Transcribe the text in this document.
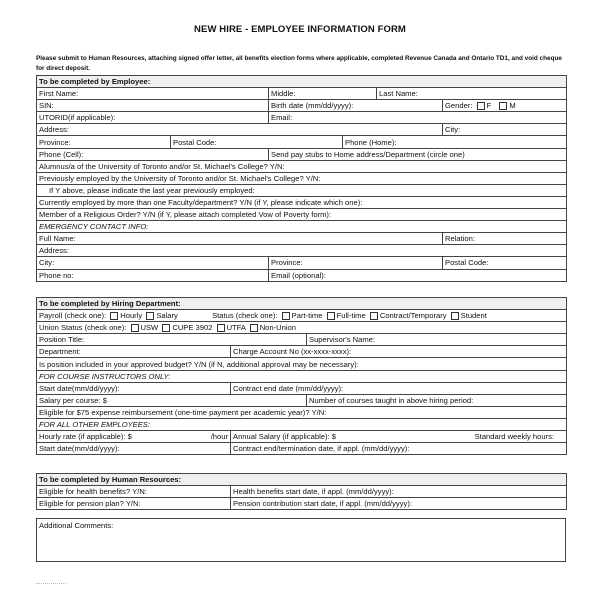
NEW HIRE - EMPLOYEE INFORMATION FORM
Please submit to Human Resources, attaching signed offer letter, all benefits election forms where applicable, completed Revenue Canada and Ontario TD1, and void cheque for direct deposit.
To be completed by Employee:					
First Name:		Middle:		Last Name:	
SIN:		Birth date (mm/dd/yyyy):			Gender: F M
UTORID(if applicable):		Email:			
Address:					City:
Province:	Postal Code:		Phone (Home):		
Phone (Cell):		Send pay stubs to Home address/Department (circle one)			
Alumnus/a of the University of Toronto and/or St. Michael's College? Y/N:					
Previously employed by the University of Toronto and/or St. Michael's College? Y/N:					
If Y above, please indicate the last year previously employed:					
Currently employed by more than one Faculty/department? Y/N (if Y, please indicate which one):					
Member of a Religious Order? Y/N (if Y, please attach completed Vow of Poverty form):					
EMERGENCY CONTACT INFO:					
Full Name:					Relation:
Address:					
City:		Province:			Postal Code:
Phone no:		Email (optional):			
To be completed by Hiring Department:		
Payroll (check one): Hourly Salary Status (check one): Part-time Full-time Contract/Temporary Student		
Union Status (check one): USW CUPE 3902 UTFA Non-Union		
Position Title:		Supervisor's Name:
Department:	Charge Account No (xx-xxxx-xxxx):	
Is position included in your approved budget? Y/N (if N, additional approval may be necessary):		
FOR COURSE INSTRUCTORS ONLY:		
Start date(mm/dd/yyyy):	Contract end date (mm/dd/yyyy):	
Salary per course: $		Number of courses taught in above hiring period:
Eligible for $75 expense reimbursement (one-time payment per academic year)? Y/N:		
FOR ALL OTHER EMPLOYEES:		
Hourly rate (if applicable): $ /hour	Annual Salary (if applicable): $ Standard weekly hours:	

Start date(mm/dd/yyyy):	Contract end/termination date, if appl. (mm/dd/yyyy):	
To be completed by Human Resources:	
Eligible for health benefits? Y/N:	Health benefits start date, if appl. (mm/dd/yyyy):
Eligible for pension plan? Y/N:	Pension contribution start date, if appl. (mm/dd/yyyy):
Additional Comments:
